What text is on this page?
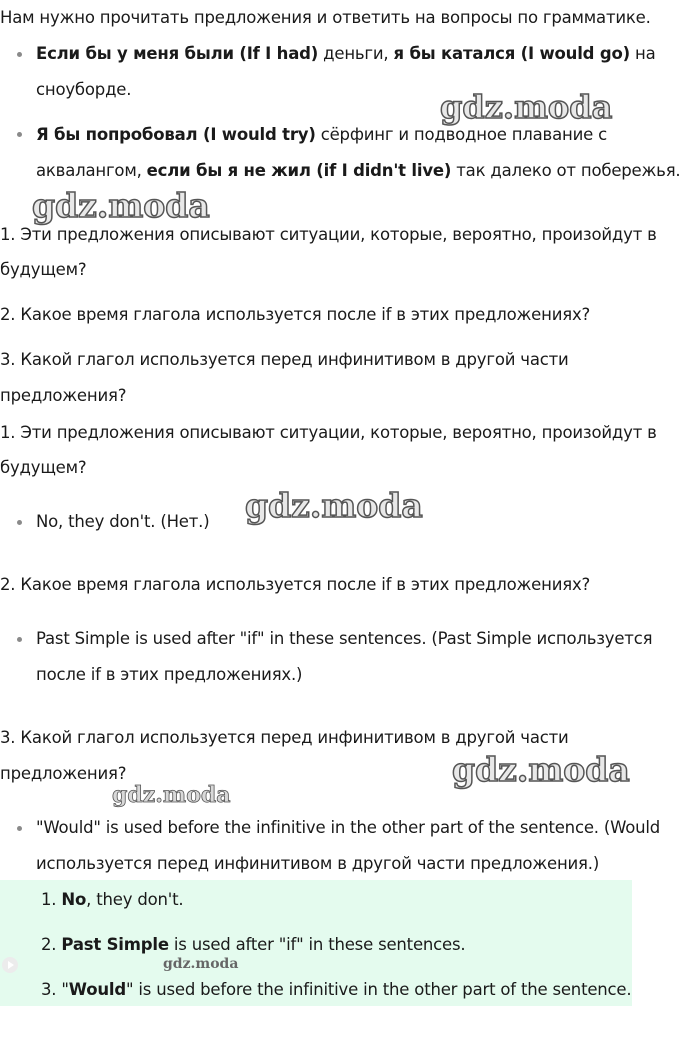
Нам нужно прочитать предложения и ответить на вопросы по грамматике.
Если бы у меня были (If I had) деньги, я бы катался (I would go) на
сноуборде.
Я бы попробовал (I would try) сёрфинг и подводное плавание с
аквалангом, если бы я не жил (if I didn't live) так далеко от побережья.
1. Эти предложения описывают ситуации, которые, вероятно, произойдут в
будущем?
2. Какое время глагола используется после if в этих предложениях?
3. Какой глагол используется перед инфинитивом в другой части
предложения?
1. Эти предложения описывают ситуации, которые, вероятно, произойдут в
будущем?
No, they don't. (Нет.)
2. Какое время глагола используется после if в этих предложениях?
Past Simple is used after "if" in these sentences. (Past Simple используется
после if в этих предложениях.)
3. Какой глагол используется перед инфинитивом в другой части
предложения?
"Would" is used before the infinitive in the other part of the sentence. (Would
используется перед инфинитивом в другой части предложения.)
1. No, they don't.
2. Past Simple is used after "if" in these sentences.
3. "Would" is used before the infinitive in the other part of the sentence.
gdz.moda
gdz.moda
gdz.moda
gdz.moda
gdz.moda
gdz.moda
